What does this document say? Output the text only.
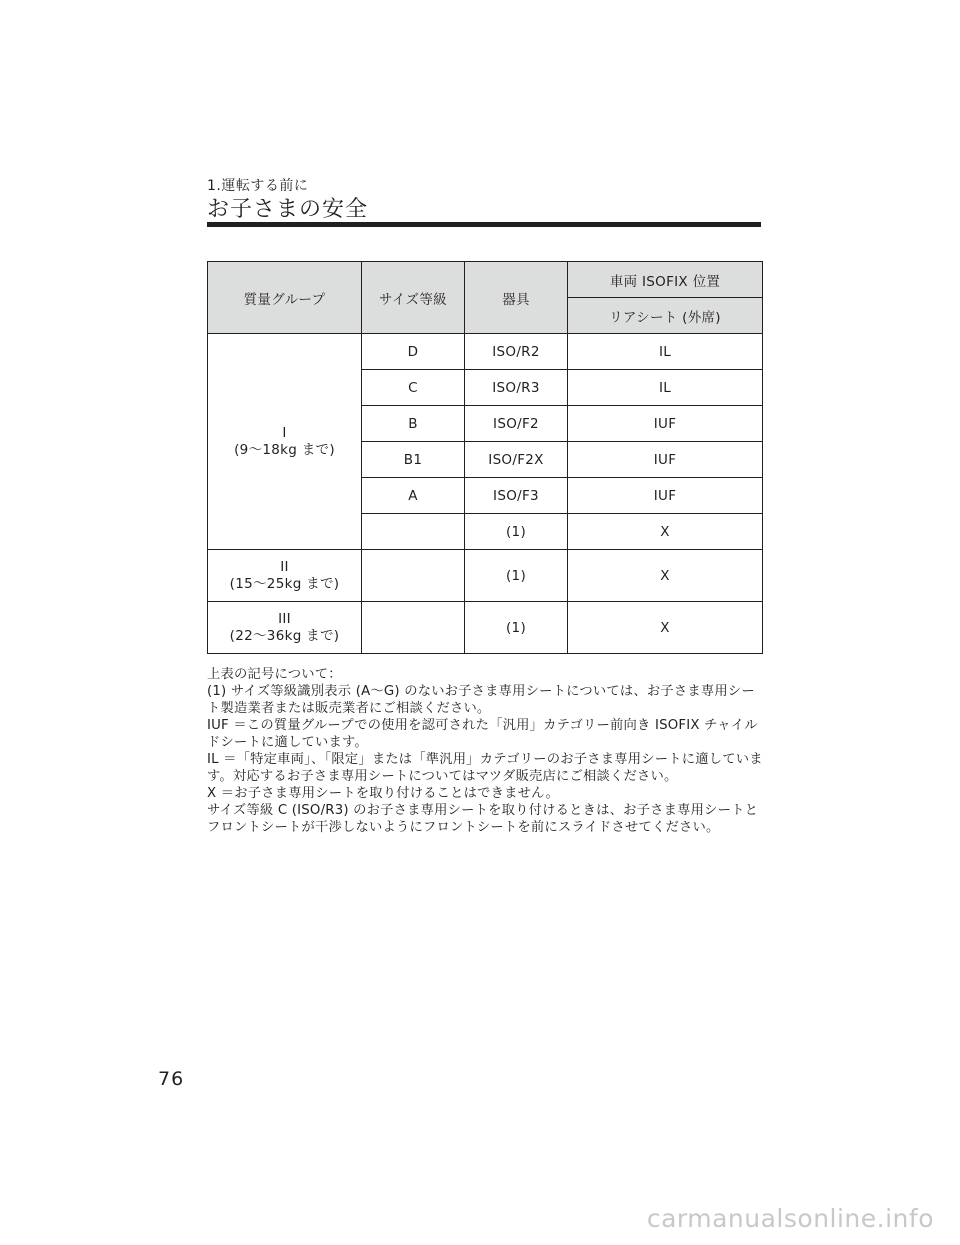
1.運転する前に
お子さまの安全
質量グループ	サイズ等級	器具	車両 ISOFIX 位置
			リアシート (外席)

I
(9～18kg まで)	D	ISO/R2	IL
	C	ISO/R3	IL
	B	ISO/F2	IUF
	B1	ISO/F2X	IUF
	A	ISO/F3	IUF
		(1)	X

II
(15～25kg まで)		(1)	X

III
(22～36kg まで)		(1)	X

上表の記号について：

(1) サイズ等級識別表示 (A～G) のないお子さま専用シートについては、お子さま専用シート製造業者または販売業者にご相談ください。

IUF ＝この質量グループでの使用を認可された「汎用」カテゴリー前向き ISOFIX チャイルドシートに適しています。

IL ＝「特定車両」、「限定」または「準汎用」カテゴリーのお子さま専用シートに適しています。対応するお子さま専用シートについてはマツダ販売店にご相談ください。

X ＝お子さま専用シートを取り付けることはできません。

サイズ等級 C (ISO/R3) のお子さま専用シートを取り付けるときは、お子さま専用シートとフロントシートが干渉しないようにフロントシートを前にスライドさせてください。

76
carmanualsonline.info
